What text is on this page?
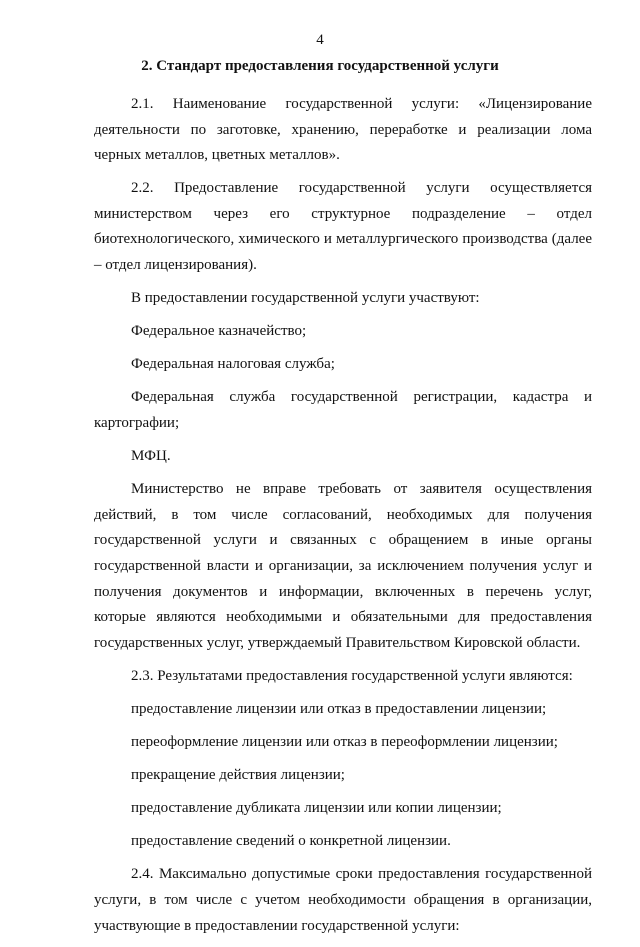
4
2. Стандарт предоставления государственной услуги

2.1. Наименование государственной услуги: «Лицензирование деятельности по заготовке, хранению, переработке и реализации лома черных металлов, цветных металлов».

2.2. Предоставление государственной услуги осуществляется министерством через его структурное подразделение – отдел биотехнологического, химического и металлургического производства (далее – отдел лицензирования).

В предоставлении государственной услуги участвуют:

Федеральное казначейство;

Федеральная налоговая служба;

Федеральная служба государственной регистрации, кадастра и картографии;

МФЦ.

Министерство не вправе требовать от заявителя осуществления действий, в том числе согласований, необходимых для получения государственной услуги и связанных с обращением в иные органы государственной власти и организации, за исключением получения услуг и получения документов и информации, включенных в перечень услуг, которые являются необходимыми и обязательными для предоставления государственных услуг, утверждаемый Правительством Кировской области.

2.3. Результатами предоставления государственной услуги являются:

предоставление лицензии или отказ в предоставлении лицензии;

переоформление лицензии или отказ в переоформлении лицензии;

прекращение действия лицензии;

предоставление дубликата лицензии или копии лицензии;

предоставление сведений о конкретной лицензии.

2.4. Максимально допустимые сроки предоставления государственной услуги, в том числе с учетом необходимости обращения в организации, участвующие в предоставлении государственной услуги:
